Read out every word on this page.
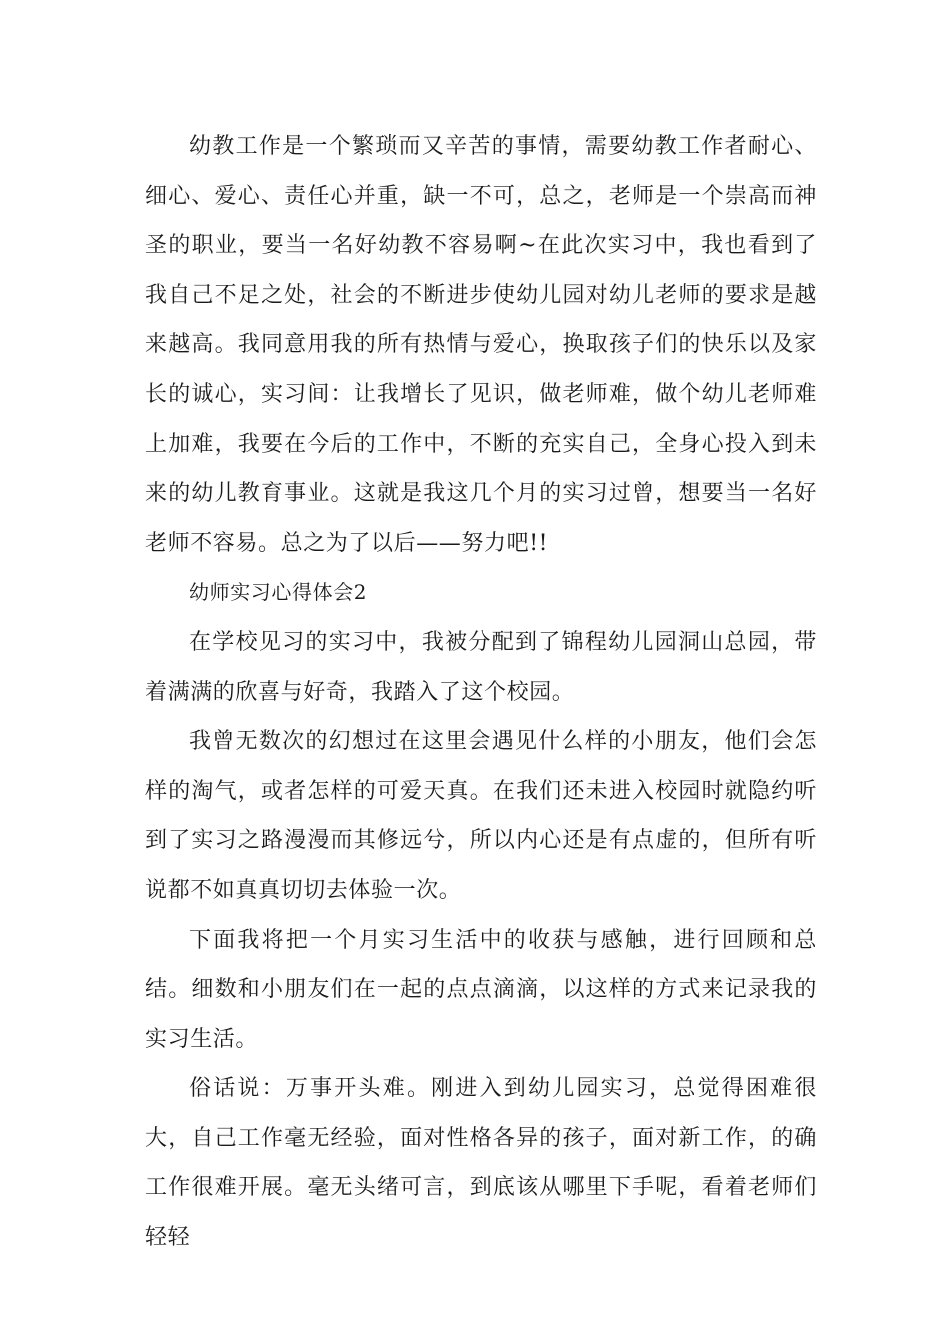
幼教工作是一个繁琐而又辛苦的事情，需要幼教工作者耐心、细心、爱心、责任心并重，缺一不可，总之，老师是一个崇高而神圣的职业，要当一名好幼教不容易啊~在此次实习中，我也看到了我自己不足之处，社会的不断进步使幼儿园对幼儿老师的要求是越来越高。我同意用我的所有热情与爱心，换取孩子们的快乐以及家长的诚心，实习间：让我增长了见识，做老师难，做个幼儿老师难上加难，我要在今后的工作中，不断的充实自己，全身心投入到未来的幼儿教育事业。这就是我这几个月的实习过曾，想要当一名好老师不容易。总之为了以后——努力吧!!

幼师实习心得体会2

在学校见习的实习中，我被分配到了锦程幼儿园洞山总园，带着满满的欣喜与好奇，我踏入了这个校园。

我曾无数次的幻想过在这里会遇见什么样的小朋友，他们会怎样的淘气，或者怎样的可爱天真。在我们还未进入校园时就隐约听到了实习之路漫漫而其修远兮，所以内心还是有点虚的，但所有听说都不如真真切切去体验一次。

下面我将把一个月实习生活中的收获与感触，进行回顾和总结。细数和小朋友们在一起的点点滴滴，以这样的方式来记录我的实习生活。

俗话说：万事开头难。刚进入到幼儿园实习，总觉得困难很大，自己工作毫无经验，面对性格各异的孩子，面对新工作，的确工作很难开展。毫无头绪可言，到底该从哪里下手呢，看着老师们轻轻
